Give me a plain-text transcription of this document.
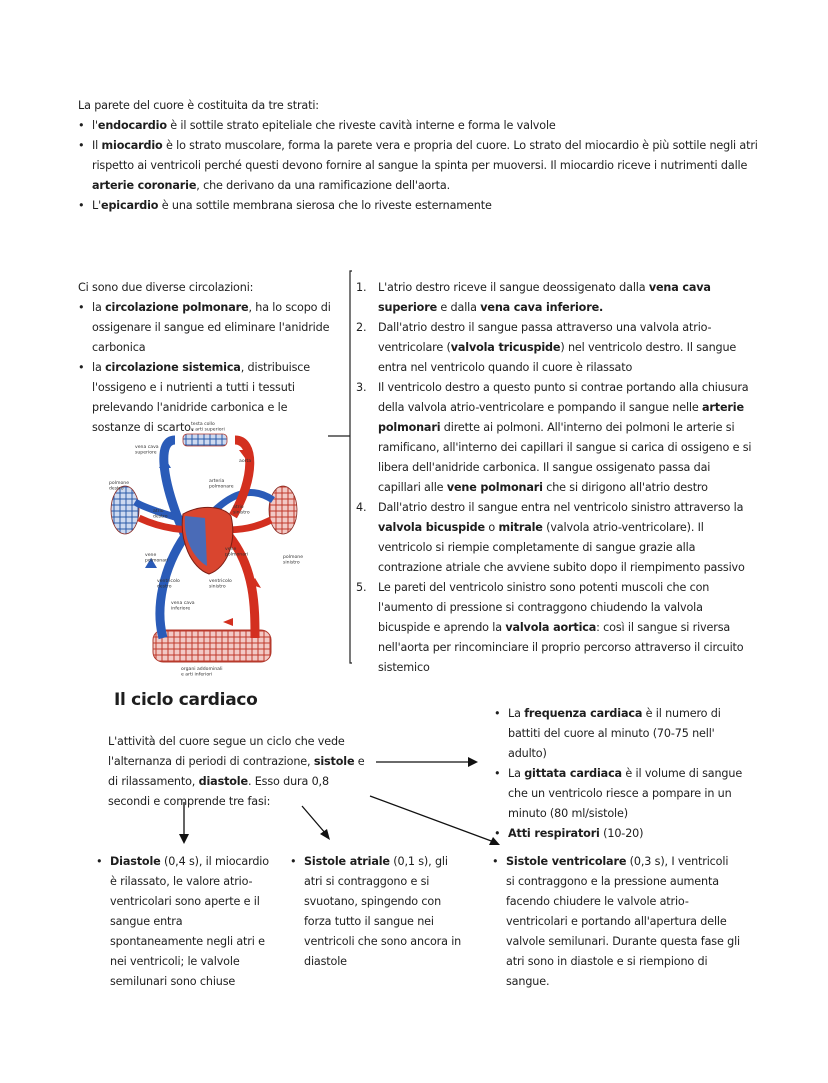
La parete del cuore è costituita da tre strati:
• l'endocardio è il sottile strato epiteliale che riveste cavità interne e forma le valvole
• Il miocardio è lo strato muscolare, forma la parete vera e propria del cuore. Lo strato del miocardio è più sottile negli atri rispetto ai ventricoli perché questi devono fornire al sangue la spinta per muoversi. Il miocardio riceve i nutrimenti dalle arterie coronarie, che derivano da una ramificazione dell'aorta.
• L'epicardio è una sottile membrana sierosa che lo riveste esternamente
Ci sono due diverse circolazioni:
• la circolazione polmonare, ha lo scopo di ossigenare il sangue ed eliminare l'anidride carbonica
• la circolazione sistemica, distribuisce l'ossigeno e i nutrienti a tutti i tessuti prelevando l'anidride carbonica e le sostanze di scarto.
testa collo e arti superiori
vena cava superiore
aorta
arteria polmonare
polmone destro
atrio destro
atrio sinistro
polmone sinistro
vene polmonari
vene polmonari
ventricolo destro
ventricolo sinistro
vena cava inferiore
organi addominali e arti inferiori
1. L'atrio destro riceve il sangue deossigenato dalla vena cava superiore e dalla vena cava inferiore.
2. Dall'atrio destro il sangue passa attraverso una valvola atrio-ventricolare (valvola tricuspide) nel ventricolo destro. Il sangue entra nel ventricolo quando il cuore è rilassato
3. Il ventricolo destro a questo punto si contrae portando alla chiusura della valvola atrio-ventricolare e pompando il sangue nelle arterie polmonari dirette ai polmoni. All'interno dei polmoni le arterie si ramificano, all'interno dei capillari il sangue si carica di ossigeno e si libera dell'anidride carbonica. Il sangue ossigenato passa dai capillari alle vene polmonari che si dirigono all'atrio destro
4. Dall'atrio destro il sangue entra nel ventricolo sinistro attraverso la valvola bicuspide o mitrale (valvola atrio-ventricolare). Il ventricolo si riempie completamente di sangue grazie alla contrazione atriale che avviene subito dopo il riempimento passivo
5. Le pareti del ventricolo sinistro sono potenti muscoli che con l'aumento di pressione si contraggono chiudendo la valvola bicuspide e aprendo la valvola aortica: così il sangue si riversa nell'aorta per rincominciare il proprio percorso attraverso il circuito sistemico
Il ciclo cardiaco
L'attività del cuore segue un ciclo che vede l'alternanza di periodi di contrazione, sistole e di rilassamento, diastole. Esso dura 0,8 secondi e comprende tre fasi:
• La frequenza cardiaca è il numero di battiti del cuore al minuto (70-75 nell' adulto)
• La gittata cardiaca è il volume di sangue che un ventricolo riesce a pompare in un minuto (80 ml/sistole)
• Atti respiratori (10-20)
• Diastole (0,4 s), il miocardio è rilassato, le valore atrio-ventricolari sono aperte e il sangue entra spontaneamente negli atri e nei ventricoli; le valvole semilunari sono chiuse
• Sistole atriale (0,1 s), gli atri si contraggono e si svuotano, spingendo con forza tutto il sangue nei ventricoli che sono ancora in diastole
• Sistole ventricolare (0,3 s), I ventricoli si contraggono e la pressione aumenta facendo chiudere le valvole atrio-ventricolari e portando all'apertura delle valvole semilunari. Durante questa fase gli atri sono in diastole e si riempiono di sangue.
